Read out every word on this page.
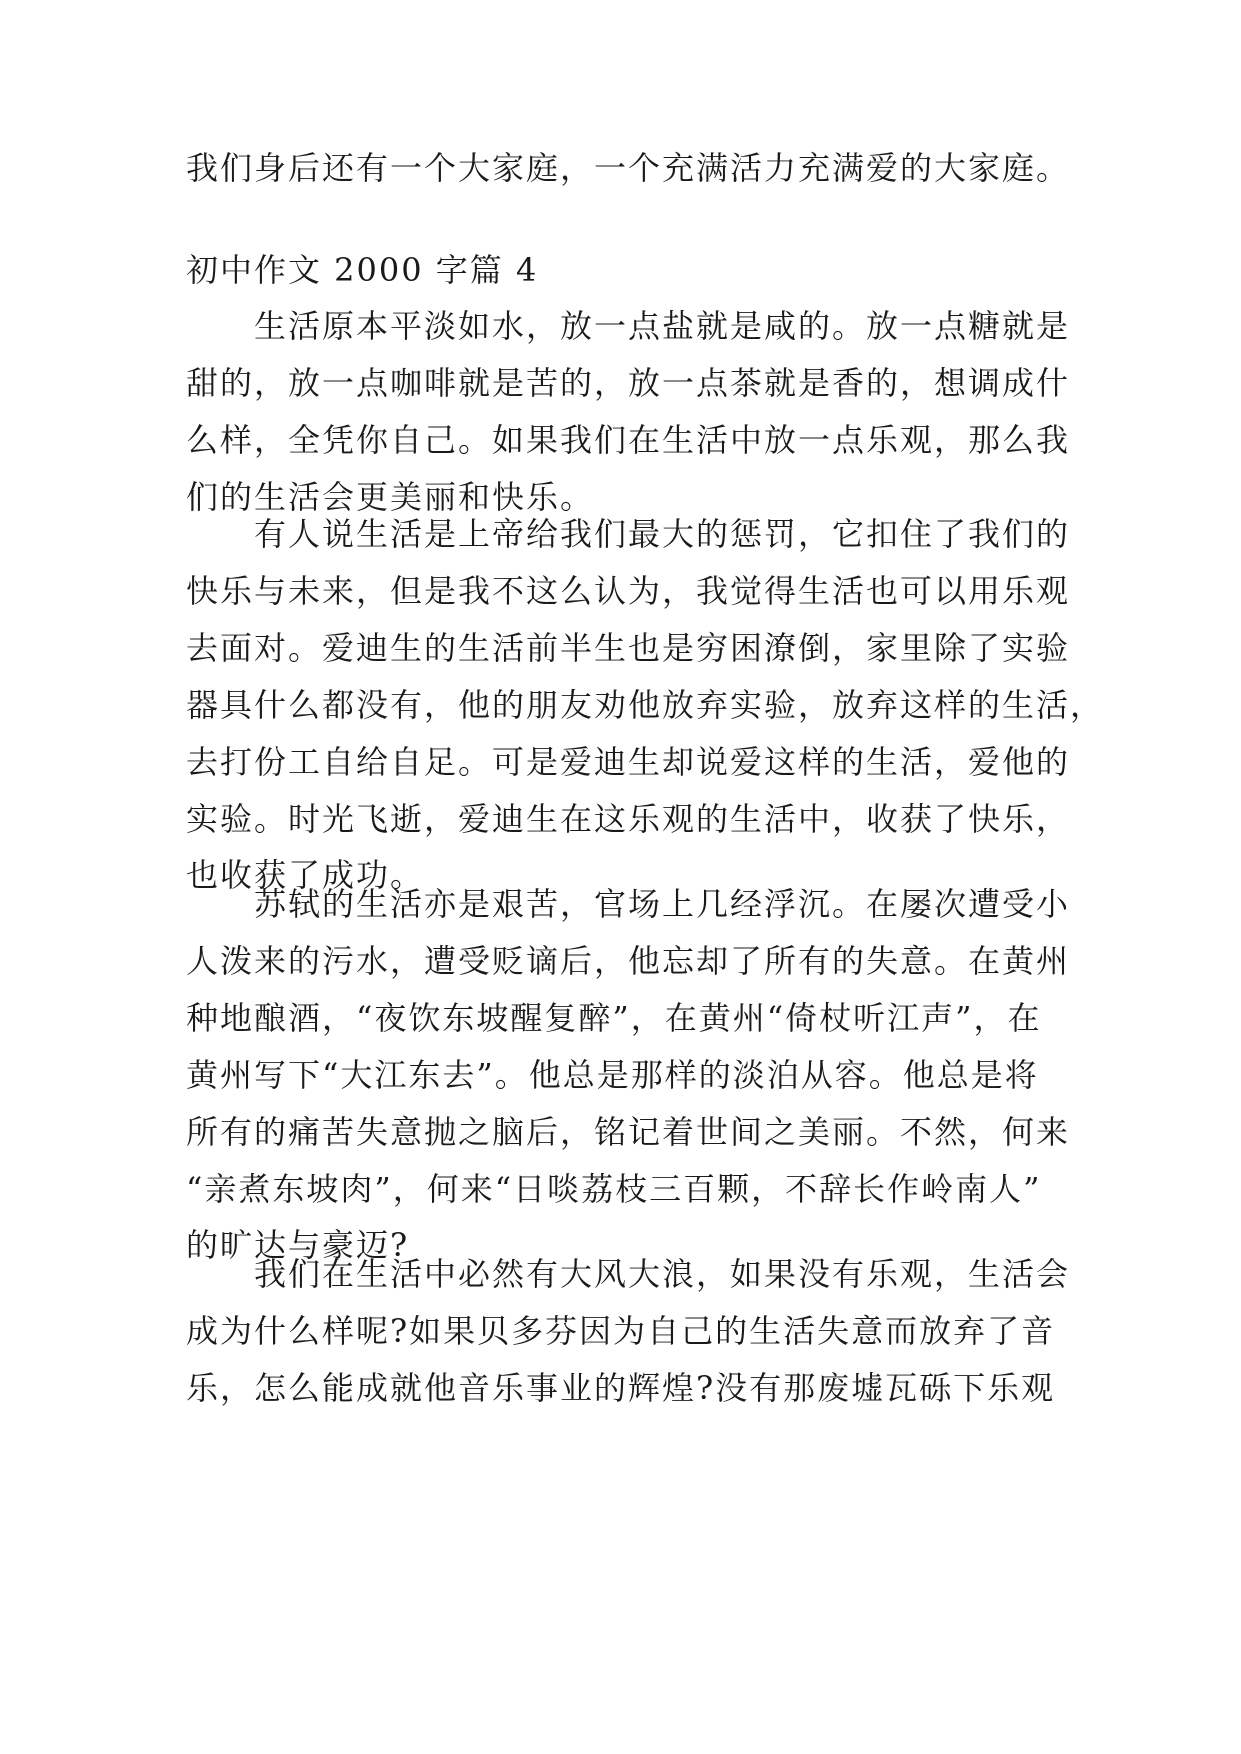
我们身后还有一个大家庭，一个充满活力充满爱的大家庭。
初中作文 2000 字篇 4
　　生活原本平淡如水，放一点盐就是咸的。放一点糖就是
甜的，放一点咖啡就是苦的，放一点茶就是香的，想调成什
么样，全凭你自己。如果我们在生活中放一点乐观，那么我
们的生活会更美丽和快乐。
　　有人说生活是上帝给我们最大的惩罚，它扣住了我们的
快乐与未来，但是我不这么认为，我觉得生活也可以用乐观
去面对。爱迪生的生活前半生也是穷困潦倒，家里除了实验
器具什么都没有，他的朋友劝他放弃实验，放弃这样的生活，
去打份工自给自足。可是爱迪生却说爱这样的生活，爱他的
实验。时光飞逝，爱迪生在这乐观的生活中，收获了快乐，
也收获了成功。
　　苏轼的生活亦是艰苦，官场上几经浮沉。在屡次遭受小
人泼来的污水，遭受贬谪后，他忘却了所有的失意。在黄州
种地酿酒，“夜饮东坡醒复醉”，在黄州“倚杖听江声”，在
黄州写下“大江东去”。他总是那样的淡泊从容。他总是将
所有的痛苦失意抛之脑后，铭记着世间之美丽。不然，何来
“亲煮东坡肉”，何来“日啖荔枝三百颗，不辞长作岭南人”
的旷达与豪迈?
　　我们在生活中必然有大风大浪，如果没有乐观，生活会
成为什么样呢?如果贝多芬因为自己的生活失意而放弃了音
乐，怎么能成就他音乐事业的辉煌?没有那废墟瓦砾下乐观
